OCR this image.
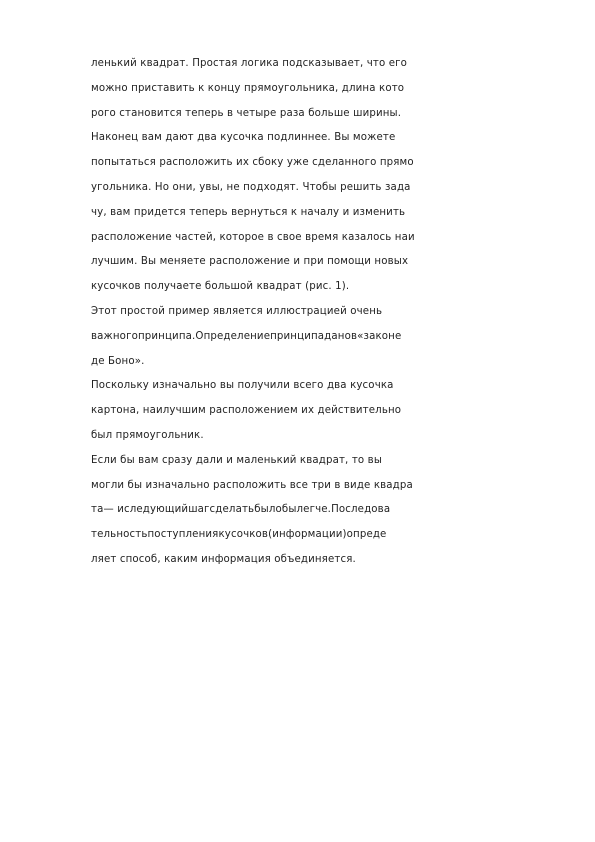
ленький квадрат. Простая логика подсказывает, что его
можно приставить к концу прямоугольника, длина кото
рого становится теперь в четыре раза больше ширины.
Наконец вам дают два кусочка подлиннее. Вы можете
попытаться расположить их сбоку уже сделанного прямо
угольника. Но они, увы, не подходят. Чтобы решить зада
чу, вам придется теперь вернуться к началу и изменить
расположение частей, которое в свое время казалось наи
лучшим. Вы меняете расположение и при помощи новых
кусочков получаете большой квадрат (рис. 1).
Этот простой пример является иллюстрацией очень
важногопринципа.Определениепринципаданов«законе
де Боно».
Поскольку изначально вы получили всего два кусочка
картона, наилучшим расположением их действительно
был прямоугольник.
Если бы вам сразу дали и маленький квадрат, то вы
могли бы изначально расположить все три в виде квадра
та— иследующийшагсделатьбылобылегче.Последова
тельностьпоступлениякусочков(информации)опреде
ляет способ, каким информация объединяется.
